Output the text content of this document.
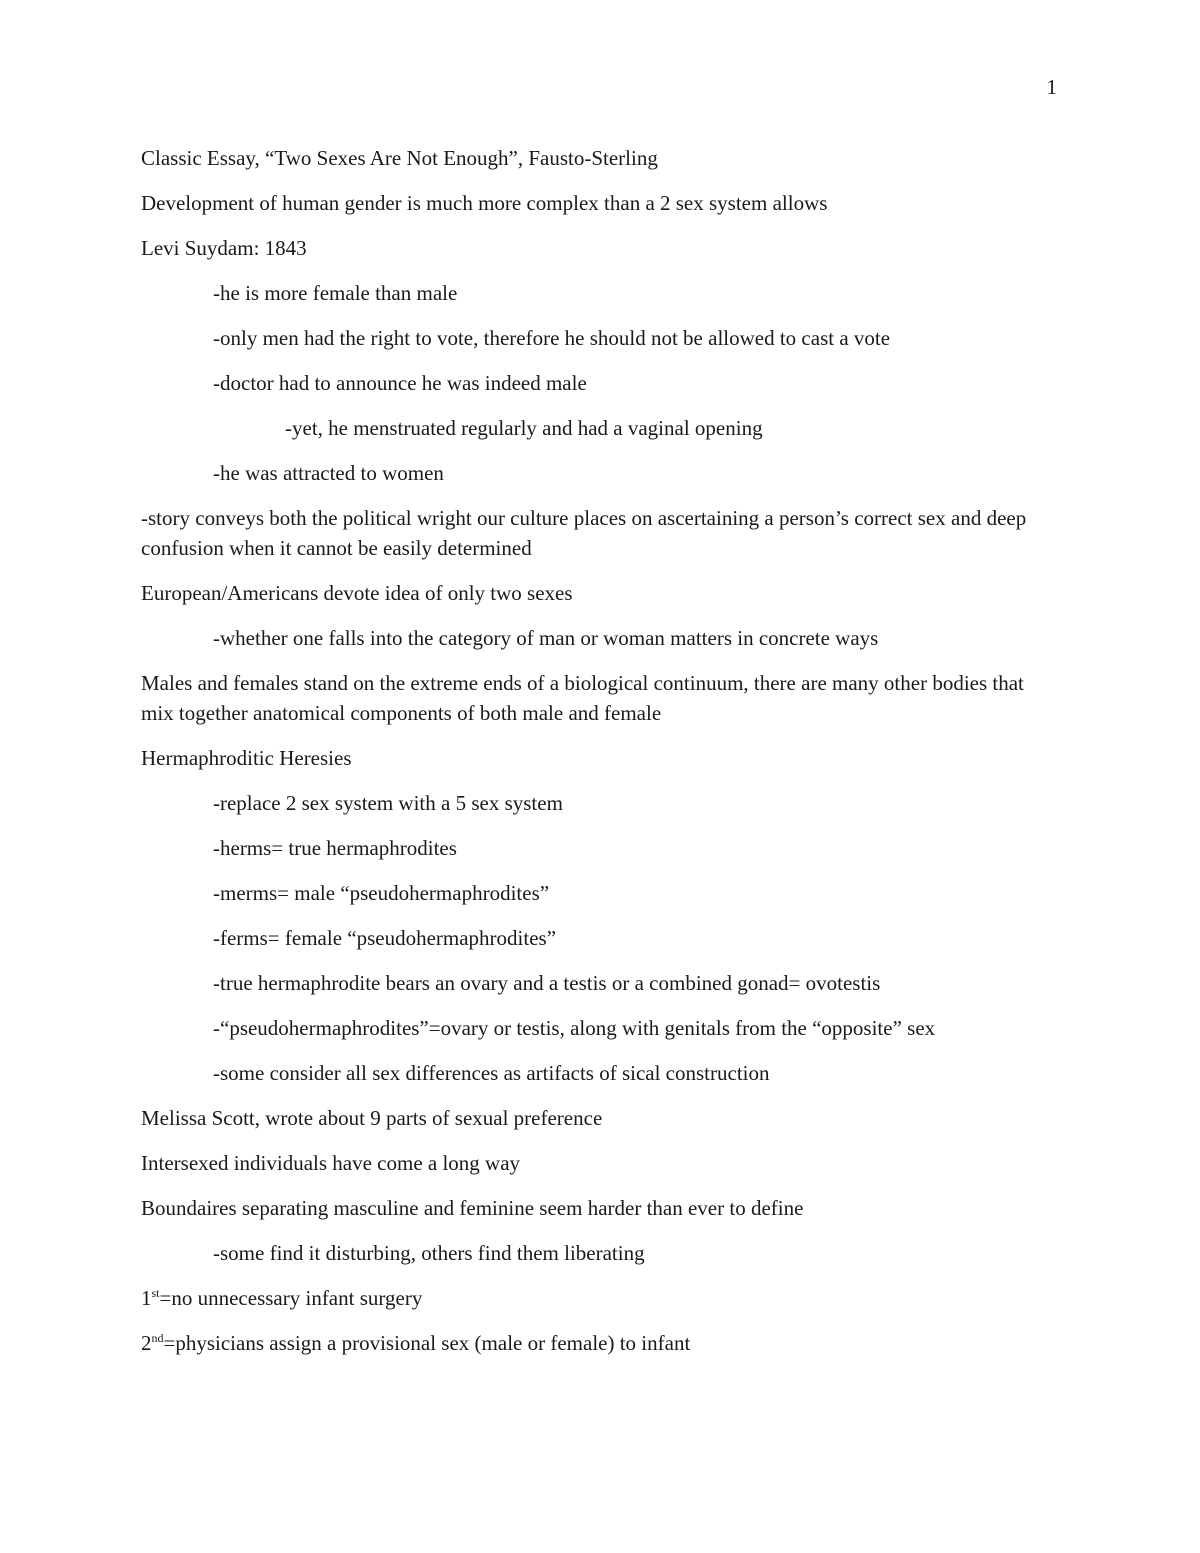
1

Classic Essay, “Two Sexes Are Not Enough”, Fausto-Sterling

Development of human gender is much more complex than a 2 sex system allows

Levi Suydam: 1843

-he is more female than male

-only men had the right to vote, therefore he should not be allowed to cast a vote

-doctor had to announce he was indeed male

-yet, he menstruated regularly and had a vaginal opening

-he was attracted to women

-story conveys both the political wright our culture places on ascertaining a person’s correct sex and deep confusion when it cannot be easily determined

European/Americans devote idea of only two sexes

-whether one falls into the category of man or woman matters in concrete ways

Males and females stand on the extreme ends of a biological continuum, there are many other bodies that mix together anatomical components of both male and female

Hermaphroditic Heresies

-replace 2 sex system with a 5 sex system

-herms= true hermaphrodites

-merms= male “pseudohermaphrodites”

-ferms= female “pseudohermaphrodites”

-true hermaphrodite bears an ovary and a testis or a combined gonad= ovotestis

-“pseudohermaphrodites”=ovary or testis, along with genitals from the “opposite” sex

-some consider all sex differences as artifacts of sical construction

Melissa Scott, wrote about 9 parts of sexual preference

Intersexed individuals have come a long way

Boundaires separating masculine and feminine seem harder than ever to define

-some find it disturbing, others find them liberating

1st=no unnecessary infant surgery

2nd=physicians assign a provisional sex (male or female) to infant
